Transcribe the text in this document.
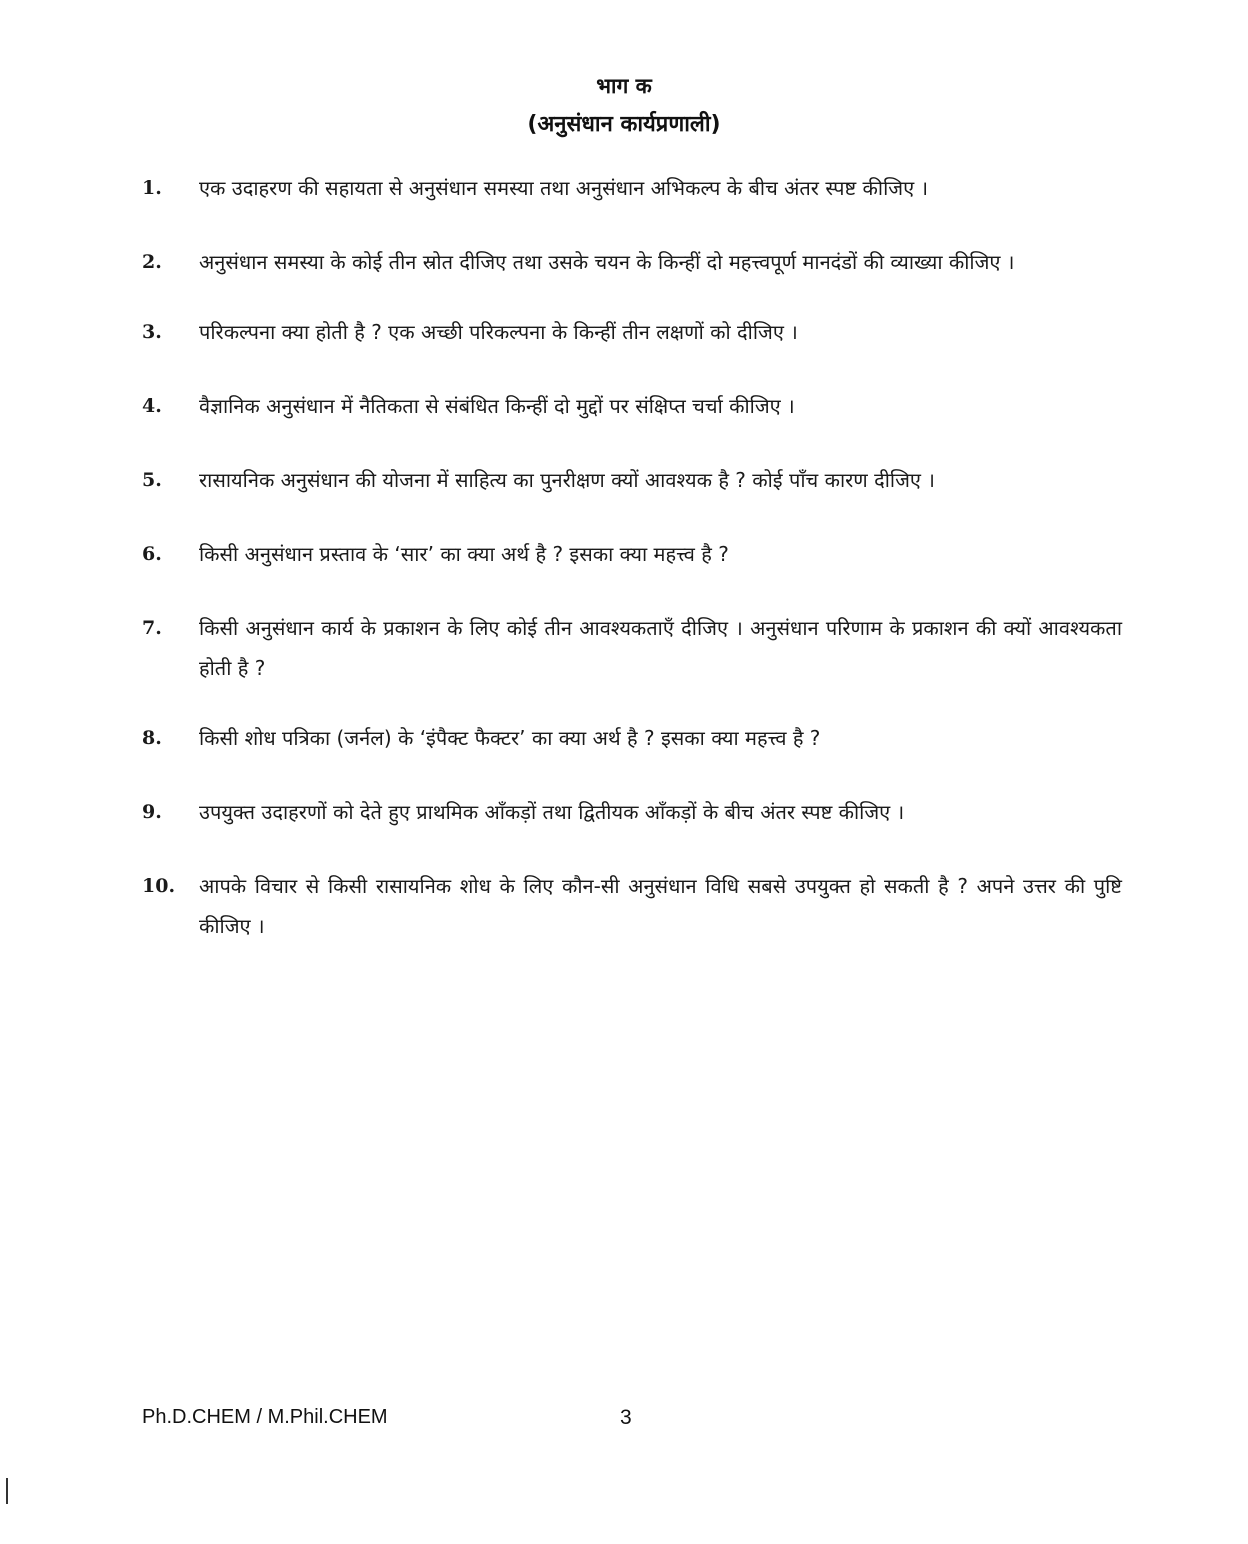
भाग क
(अनुसंधान कार्यप्रणाली)
1. एक उदाहरण की सहायता से अनुसंधान समस्या तथा अनुसंधान अभिकल्प के बीच अंतर स्पष्ट कीजिए ।
2. अनुसंधान समस्या के कोई तीन स्रोत दीजिए तथा उसके चयन के किन्हीं दो महत्त्वपूर्ण मानदंडों की व्याख्या कीजिए ।
3. परिकल्पना क्या होती है ? एक अच्छी परिकल्पना के किन्हीं तीन लक्षणों को दीजिए ।
4. वैज्ञानिक अनुसंधान में नैतिकता से संबंधित किन्हीं दो मुद्दों पर संक्षिप्त चर्चा कीजिए ।
5. रासायनिक अनुसंधान की योजना में साहित्य का पुनरीक्षण क्यों आवश्यक है ? कोई पाँच कारण दीजिए ।
6. किसी अनुसंधान प्रस्ताव के ‘सार’ का क्या अर्थ है ? इसका क्या महत्त्व है ?
7. किसी अनुसंधान कार्य के प्रकाशन के लिए कोई तीन आवश्यकताएँ दीजिए । अनुसंधान परिणाम के प्रकाशन की क्यों आवश्यकता होती है ?
8. किसी शोध पत्रिका (जर्नल) के ‘इंपैक्ट फैक्टर’ का क्या अर्थ है ? इसका क्या महत्त्व है ?
9. उपयुक्त उदाहरणों को देते हुए प्राथमिक आँकड़ों तथा द्वितीयक आँकड़ों के बीच अंतर स्पष्ट कीजिए ।
10. आपके विचार से किसी रासायनिक शोध के लिए कौन-सी अनुसंधान विधि सबसे उपयुक्त हो सकती है ? अपने उत्तर की पुष्टि कीजिए ।
Ph.D.CHEM / M.Phil.CHEM	3
